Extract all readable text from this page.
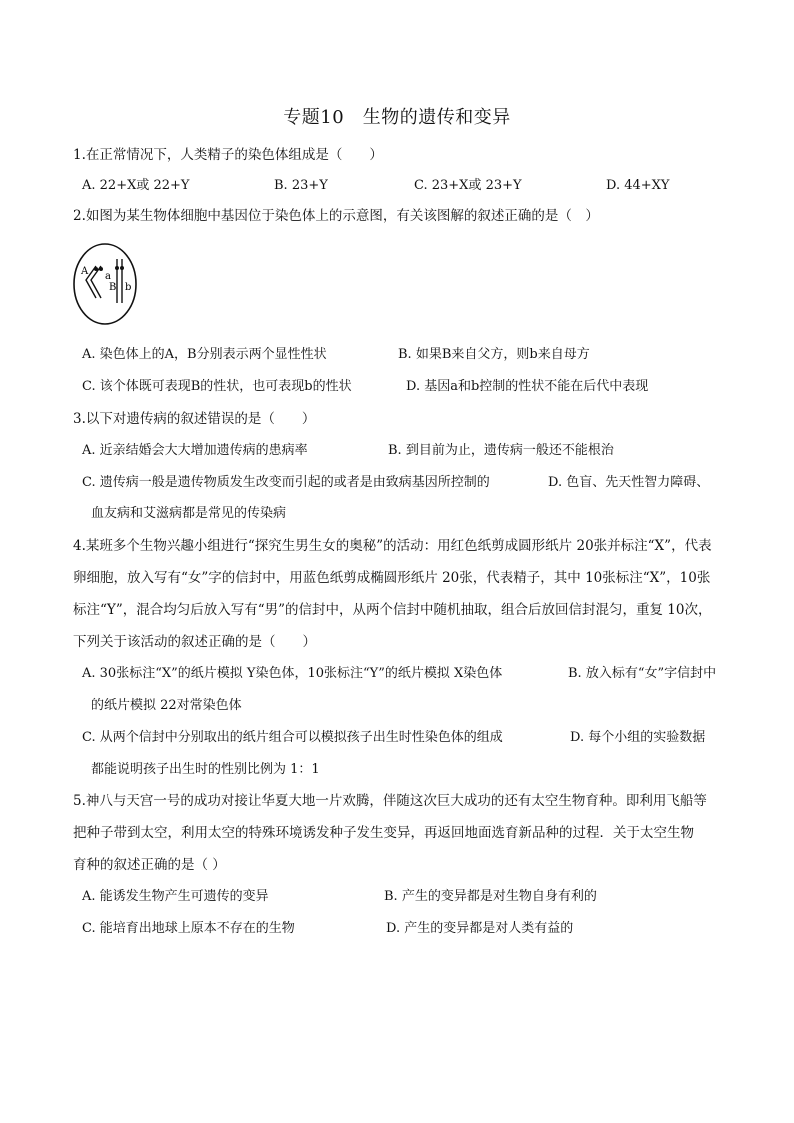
专题10　生物的遗传和变异
1.在正常情况下，人类精子的染色体组成是（　　）
A. 22+X或 22+Y	B. 23+Y	C. 23+X或 23+Y	D. 44+XY
2.如图为某生物体细胞中基因位于染色体上的示意图，有关该图解的叙述正确的是（　）
A a
B b
A. 染色体上的A，B分别表示两个显性性状	B. 如果B来自父方，则b来自母方
C. 该个体既可表现B的性状，也可表现b的性状	D. 基因a和b控制的性状不能在后代中表现
3.以下对遗传病的叙述错误的是（　　）
A. 近亲结婚会大大增加遗传病的患病率	B. 到目前为止，遗传病一般还不能根治
C. 遗传病一般是遗传物质发生改变而引起的或者是由致病基因所控制的	D. 色盲、先天性智力障碍、
血友病和艾滋病都是常见的传染病
4.某班多个生物兴趣小组进行“探究生男生女的奥秘”的活动：用红色纸剪成圆形纸片 20张并标注“X”，代表
卵细胞，放入写有“女”字的信封中，用蓝色纸剪成椭圆形纸片 20张，代表精子，其中 10张标注“X”，10张
标注“Y”，混合均匀后放入写有“男”的信封中，从两个信封中随机抽取，组合后放回信封混匀，重复 10次，
下列关于该活动的叙述正确的是（　　）
A. 30张标注“X”的纸片模拟 Y染色体，10张标注“Y”的纸片模拟 X染色体	B. 放入标有“女”字信封中
的纸片模拟 22对常染色体
C. 从两个信封中分别取出的纸片组合可以模拟孩子出生时性染色体的组成	D. 每个小组的实验数据
都能说明孩子出生时的性别比例为 1：1
5.神八与天宫一号的成功对接让华夏大地一片欢腾，伴随这次巨大成功的还有太空生物育种。即利用飞船等
把种子带到太空，利用太空的特殊环境诱发种子发生变异，再返回地面选育新品种的过程．关于太空生物
育种的叙述正确的是（ ）
A. 能诱发生物产生可遗传的变异	B. 产生的变异都是对生物自身有利的
C. 能培育出地球上原本不存在的生物	D. 产生的变异都是对人类有益的
